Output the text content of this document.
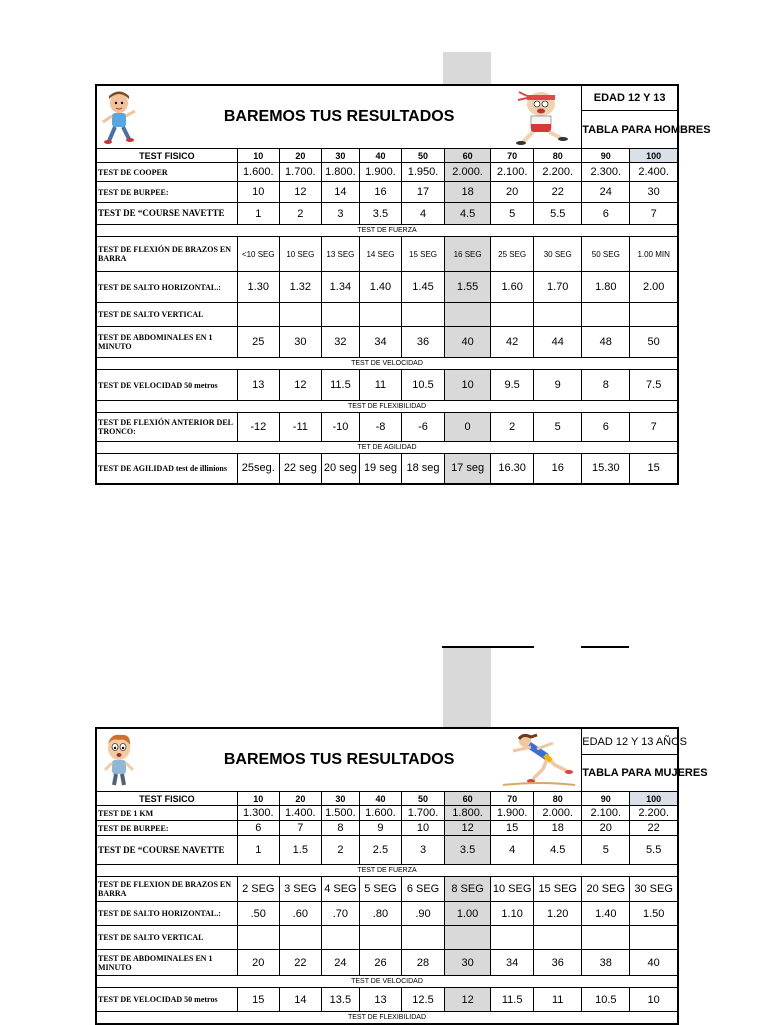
BAREMOS TUS RESULTADOS									EDAD 12 Y 13	
									TABLA PARA HOMBRES	
TEST FISICO	10	20	30	40	50	60	70	80	90	100
TEST DE COOPER	1.600.	1.700.	1.800.	1.900.	1.950.	2.000.	2.100.	2.200.	2.300.	2.400.
TEST DE BURPEE:	10	12	14	16	17	18	20	22	24	30
TEST DE “COURSE NAVETTE	1	2	3	3.5	4	4.5	5	5.5	6	7
TEST DE FUERZA										
TEST DE FLEXIÓN DE BRAZOS EN BARRA	<10 SEG	10 SEG	13 SEG	14 SEG	15 SEG	16 SEG	25 SEG	30 SEG	50 SEG	1.00 MIN
TEST DE SALTO HORIZONTAL.:	1.30	1.32	1.34	1.40	1.45	1.55	1.60	1.70	1.80	2.00
TEST DE SALTO VERTICAL										
TEST DE ABDOMINALES EN 1 MINUTO	25	30	32	34	36	40	42	44	48	50
TEST DE VELOCIDAD										
TEST DE VELOCIDAD 50 metros	13	12	11.5	11	10.5	10	9.5	9	8	7.5
TEST DE FLEXIBILIDAD										
TEST DE FLEXIÓN ANTERIOR DEL TRONCO:	-12	-11	-10	-8	-6	0	2	5	6	7
TET DE AGILIDAD										
TEST DE AGILIDAD test de illinions	25seg.	22 seg	20 seg	19 seg	18 seg	17 seg	16.30	16	15.30	15
BAREMOS TUS RESULTADOS									EDAD 12 Y 13 AÑOS	
									TABLA PARA MUJERES	
TEST FISICO	10	20	30	40	50	60	70	80	90	100
TEST DE 1 KM	1.300.	1.400.	1.500.	1.600.	1.700.	1.800.	1.900.	2.000.	2.100.	2.200.
TEST DE BURPEE:	6	7	8	9	10	12	15	18	20	22
TEST DE “COURSE NAVETTE	1	1.5	2	2.5	3	3.5	4	4.5	5	5.5
TEST DE FUERZA										
TEST DE FLEXION DE BRAZOS EN BARRA	2 SEG	3 SEG	4 SEG	5 SEG	6 SEG	8 SEG	10 SEG	15 SEG	20 SEG	30 SEG
TEST DE SALTO HORIZONTAL.:	.50	.60	.70	.80	.90	1.00	1.10	1.20	1.40	1.50
TEST DE SALTO VERTICAL										
TEST DE ABDOMINALES EN 1 MINUTO	20	22	24	26	28	30	34	36	38	40
TEST DE VELOCIDAD										
TEST DE VELOCIDAD 50 metros	15	14	13.5	13	12.5	12	11.5	11	10.5	10
TEST DE FLEXIBILIDAD										
